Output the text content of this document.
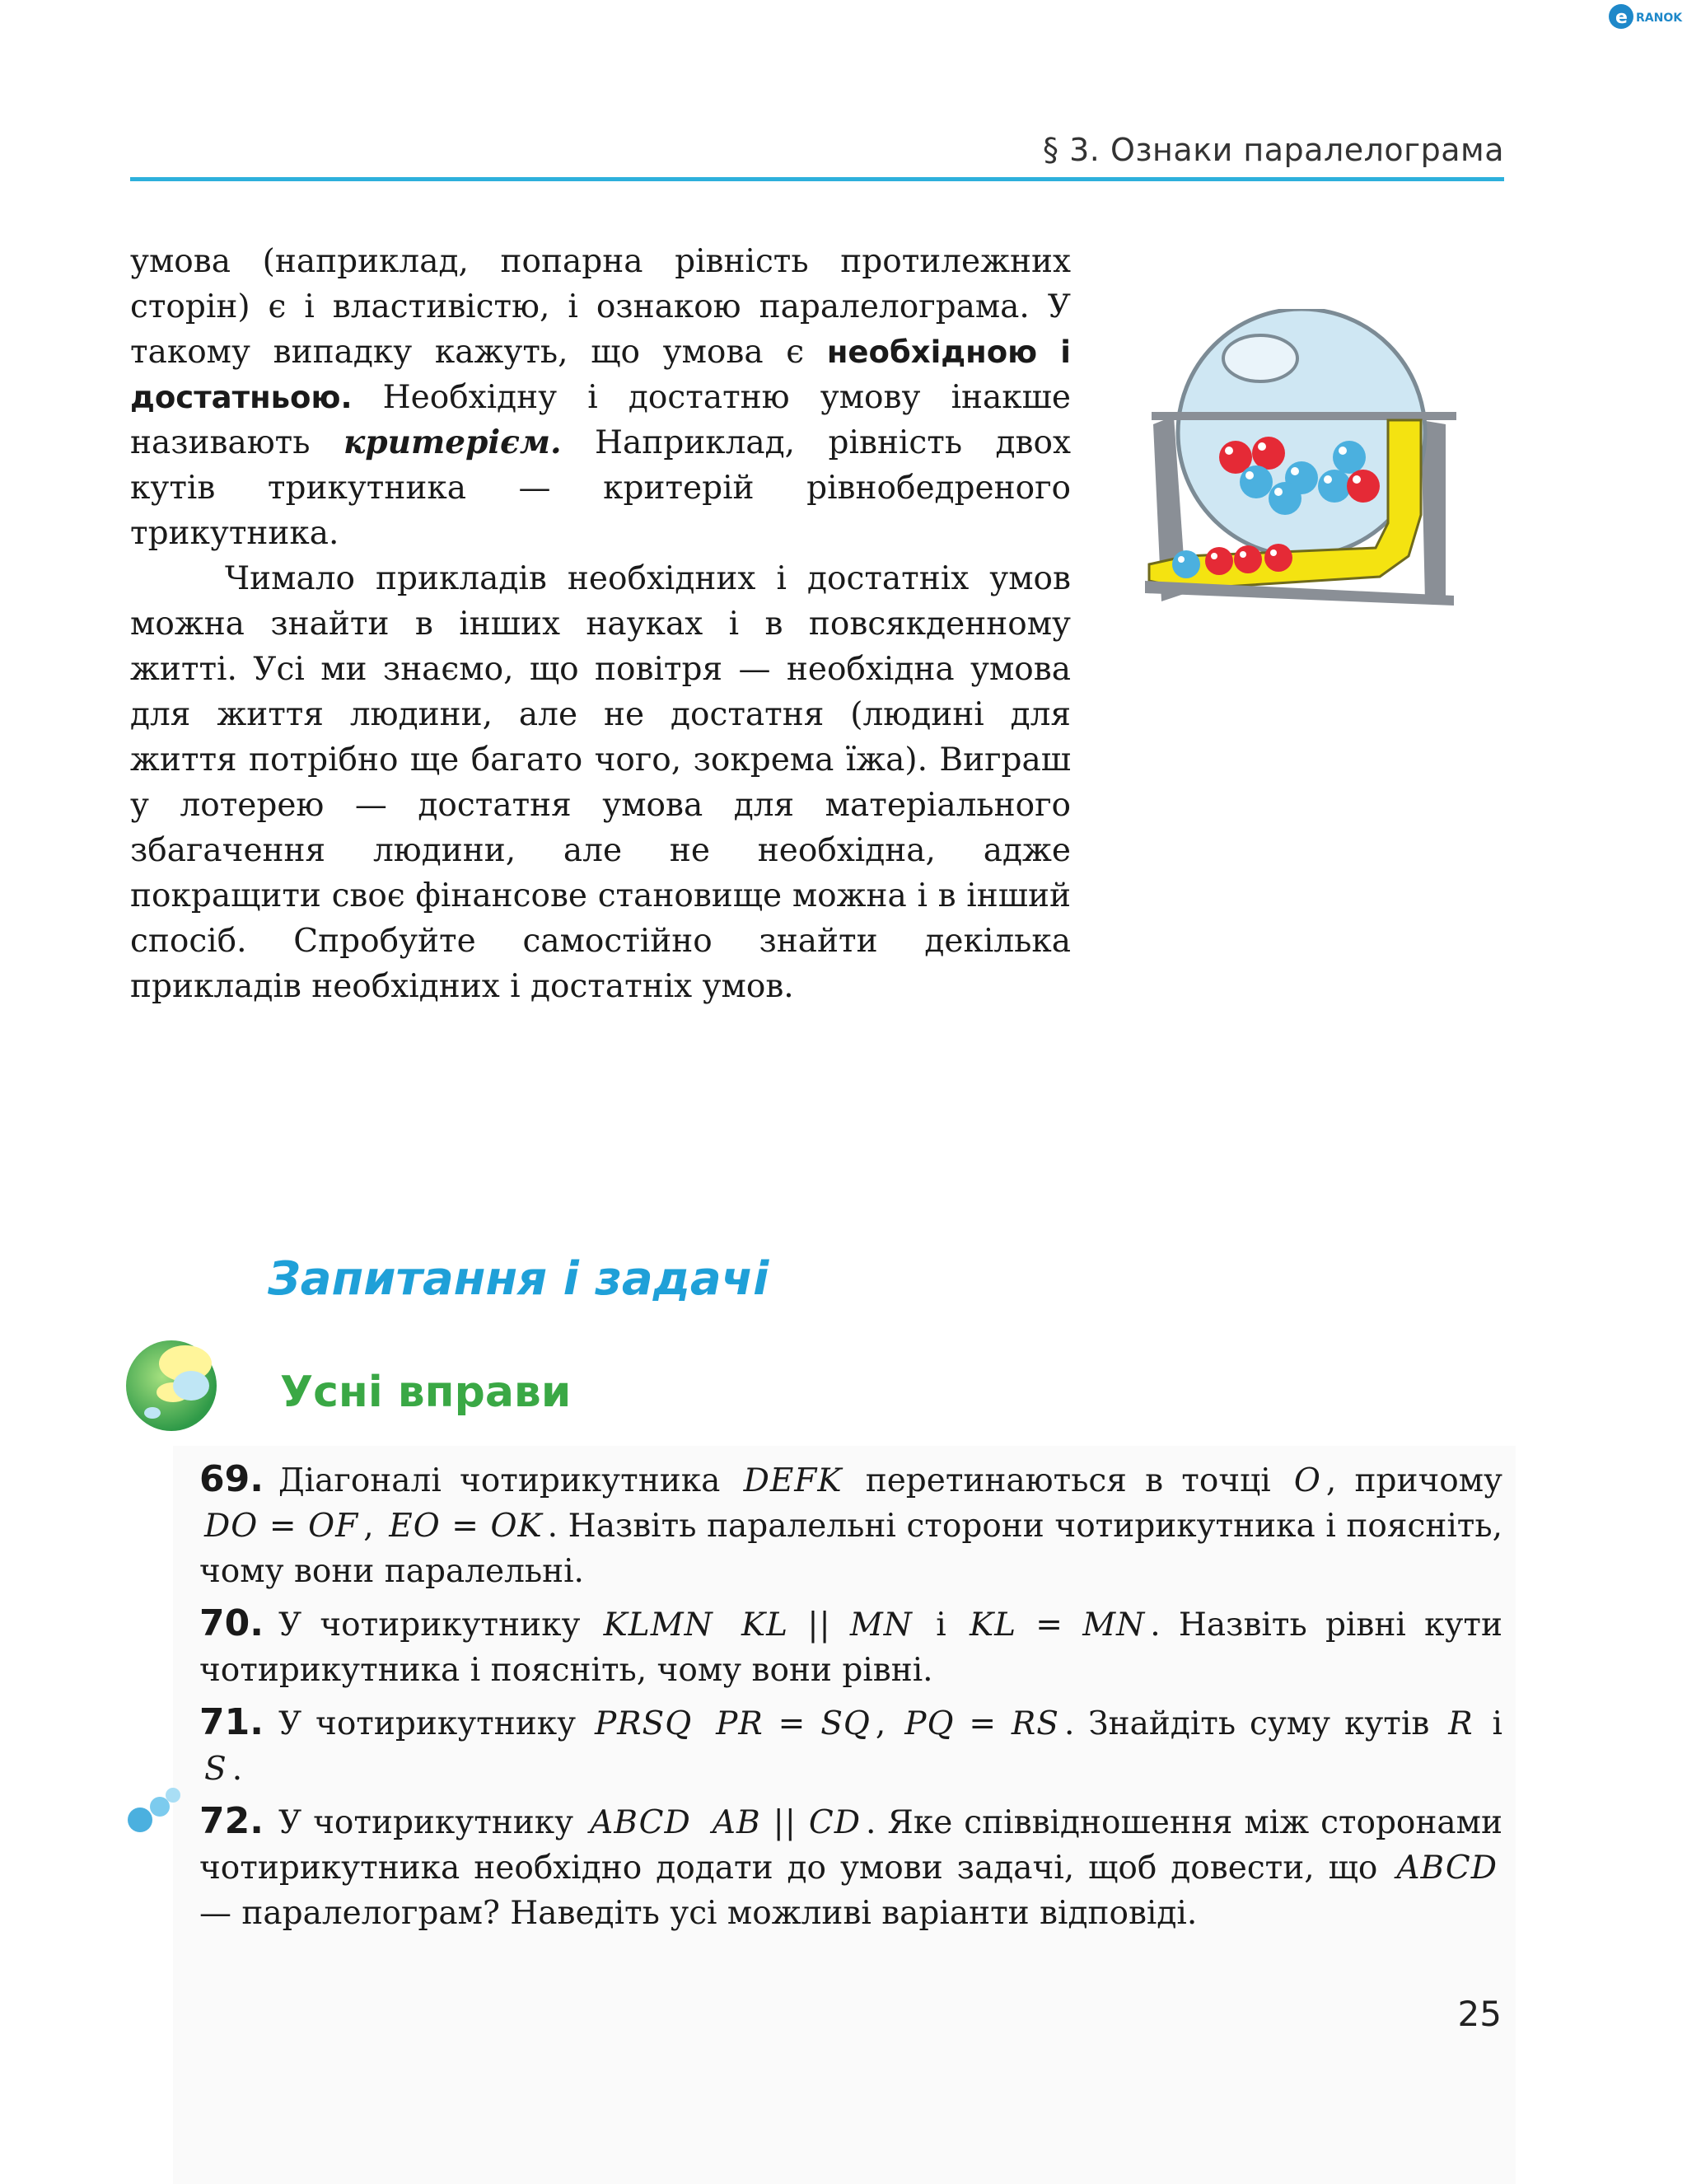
e RANOK
§ 3. Ознаки паралелограма

умова (наприклад, попарна рівність протилежних сторін) є і властивістю, і ознакою паралелограма. У такому випадку кажуть, що умова є необхідною і достатньою. Необхідну і достатню умову інакше називають критерієм. Наприклад, рівність двох кутів трикутника — критерій рівнобедреного трикутника.

Чимало прикладів необхідних і достатніх умов можна знайти в інших науках і в повсякденному житті. Усі ми знаємо, що повітря — необхідна умова для життя людини, але не достатня (людині для життя потрібно ще багато чого, зокрема їжа). Виграш у лотерею — достатня умова для матеріального збагачення людини, але не необхідна, адже покращити своє фінансове становище можна і в інший спосіб. Спробуйте самостійно знайти декілька прикладів необхідних і достатніх умов.

Запитання і задачі
Усні вправи

69. Діагоналі чотирикутника DEFK перетинаються в точці O , причому DO = OF , EO = OK . Назвіть паралельні сторони чотирикутника і поясніть, чому вони паралельні.

70. У чотирикутнику KLMN KL || MN і KL = MN . Назвіть рівні кути чотирикутника і поясніть, чому вони рівні.

71. У чотирикутнику PRSQ PR = SQ , PQ = RS . Знайдіть суму кутів R і S .

72. У чотирикутнику ABCD AB || CD . Яке співвідношення між сторонами чотирикутника необхідно додати до умови задачі, щоб довести, що ABCD — паралелограм? Наведіть усі можливі варіанти відповіді.

25
